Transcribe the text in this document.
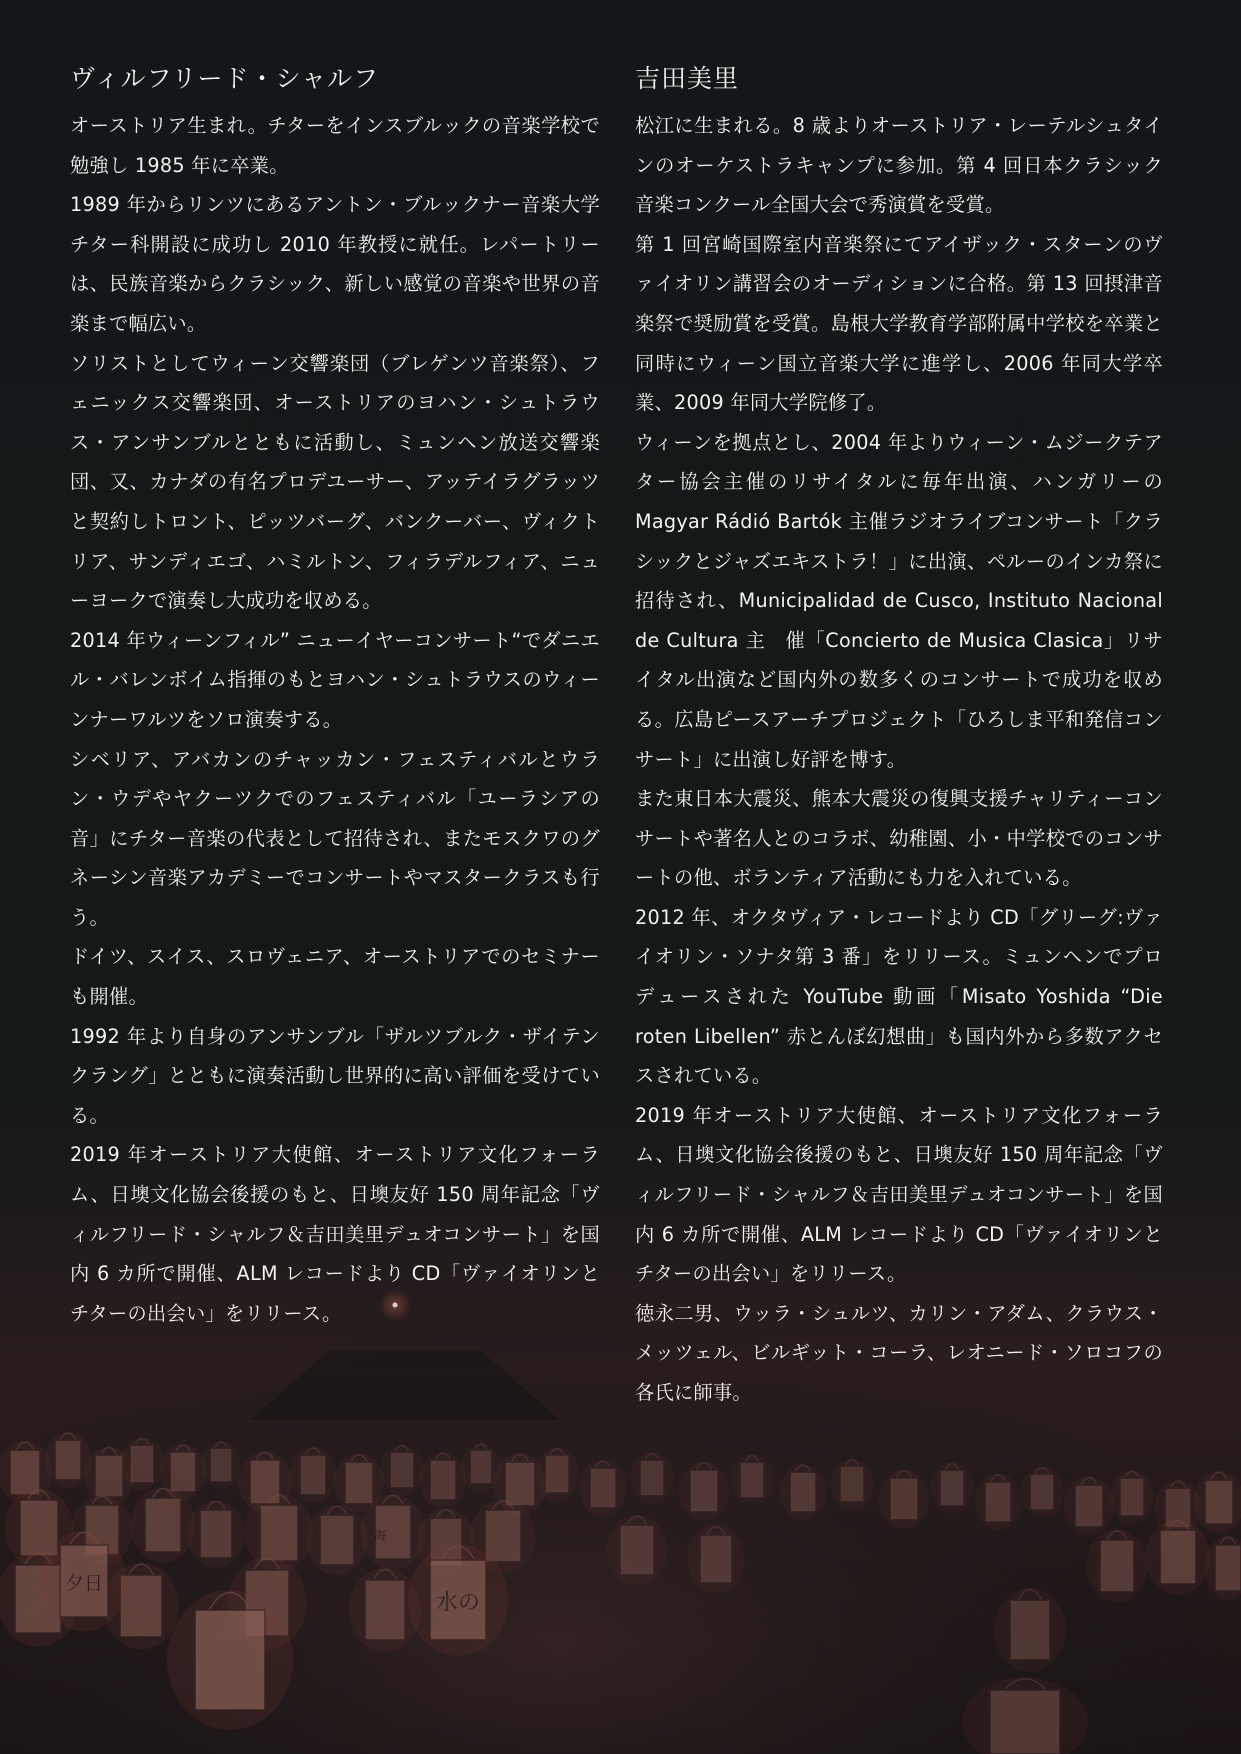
夕日
水の
海
ヴィルフリード・シャルフ

オーストリア生まれ。チターをインスブルックの音楽学校で勉強し 1985 年に卒業。

1989 年からリンツにあるアントン・ブルックナー音楽大学チター科開設に成功し 2010 年教授に就任。レパートリーは、民族音楽からクラシック、新しい感覚の音楽や世界の音楽まで幅広い。

ソリストとしてウィーン交響楽団（ブレゲンツ音楽祭）、フェニックス交響楽団、オーストリアのヨハン・シュトラウス・アンサンブルとともに活動し、ミュンヘン放送交響楽団、又、カナダの有名プロデユーサー、アッテイラグラッツと契約しトロント、ピッツバーグ、バンクーバー、ヴィクトリア、サンディエゴ、ハミルトン、フィラデルフィア、ニューヨークで演奏し大成功を収める。

2014 年ウィーンフィル” ニューイヤーコンサート“でダニエル・バレンボイム指揮のもとヨハン・シュトラウスのウィーンナーワルツをソロ演奏する。

シベリア、アバカンのチャッカン・フェスティバルとウラン・ウデやヤクーツクでのフェスティバル「ユーラシアの音」にチター音楽の代表として招待され、またモスクワのグネーシン音楽アカデミーでコンサートやマスタークラスも行う。

ドイツ、スイス、スロヴェニア、オーストリアでのセミナーも開催。

1992 年より自身のアンサンブル「ザルツブルク・ザイテンクラング」とともに演奏活動し世界的に高い評価を受けている。

2019 年オーストリア大使館、オーストリア文化フォーラム、日墺文化協会後援のもと、日墺友好 150 周年記念「ヴィルフリード・シャルフ＆吉田美里デュオコンサート」を国内 6 カ所で開催、ALM レコードより CD「ヴァイオリンとチターの出会い」をリリース。

吉田美里

松江に生まれる。8 歳よりオーストリア・レーテルシュタインのオーケストラキャンプに参加。第 4 回日本クラシック音楽コンクール全国大会で秀演賞を受賞。

第 1 回宮崎国際室内音楽祭にてアイザック・スターンのヴァイオリン講習会のオーディションに合格。第 13 回摂津音楽祭で奨励賞を受賞。島根大学教育学部附属中学校を卒業と同時にウィーン国立音楽大学に進学し、2006 年同大学卒業、2009 年同大学院修了。

ウィーンを拠点とし、2004 年よりウィーン・ムジークテアター協会主催のリサイタルに毎年出演、ハンガリーの Magyar Rádió Bartók 主催ラジオライブコンサート「クラシックとジャズエキストラ！」に出演、ペルーのインカ祭に招待され、Municipalidad de Cusco, Instituto Nacional de Cultura 主　催「Concierto de Musica Clasica」リサイタル出演など国内外の数多くのコンサートで成功を収める。広島ピースアーチプロジェクト「ひろしま平和発信コンサート」に出演し好評を博す。

また東日本大震災、熊本大震災の復興支援チャリティーコンサートや著名人とのコラボ、幼稚園、小・中学校でのコンサートの他、ボランティア活動にも力を入れている。

2012 年、オクタヴィア・レコードより CD「グリーグ:ヴァイオリン・ソナタ第 3 番」をリリース。ミュンヘンでプロデュースされた YouTube 動画「Misato Yoshida “Die roten Libellen” 赤とんぼ幻想曲」も国内外から多数アクセスされている。

2019 年オーストリア大使館、オーストリア文化フォーラム、日墺文化協会後援のもと、日墺友好 150 周年記念「ヴィルフリード・シャルフ＆吉田美里デュオコンサート」を国内 6 カ所で開催、ALM レコードより CD「ヴァイオリンとチターの出会い」をリリース。

徳永二男、ウッラ・シュルツ、カリン・アダム、クラウス・メッツェル、ビルギット・コーラ、レオニード・ソロコフの各氏に師事。
